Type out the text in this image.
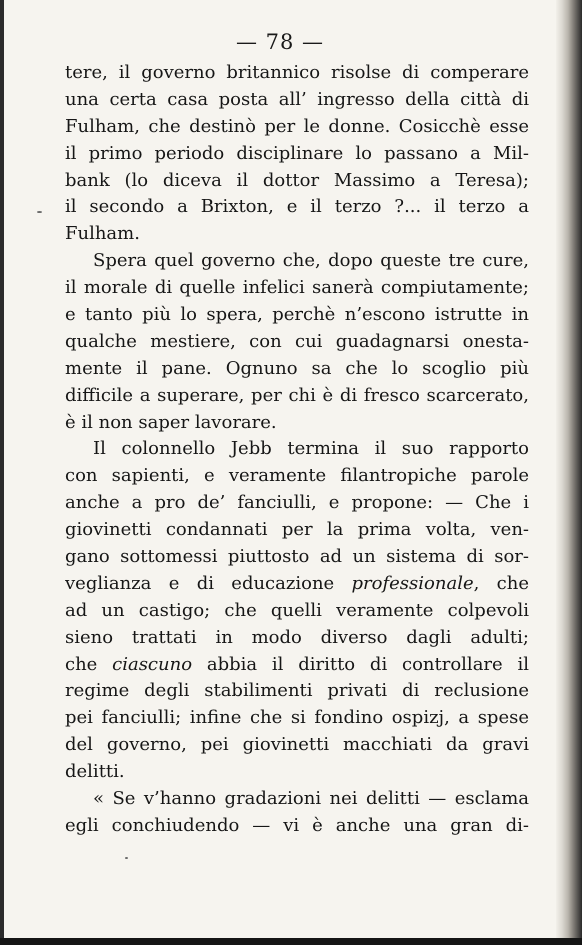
— 78 —
tere, il governo britannico risolse di comperare
una certa casa posta all’ ingresso della città di
Fulham, che destinò per le donne. Cosicchè esse
il primo periodo disciplinare lo passano a Mil-
bank (lo diceva il dottor Massimo a Teresa);
il secondo a Brixton, e il terzo ?... il terzo a
Fulham.
Spera quel governo che, dopo queste tre cure,
il morale di quelle infelici sanerà compiutamente;
e tanto più lo spera, perchè n’escono istrutte in
qualche mestiere, con cui guadagnarsi onesta-
mente il pane. Ognuno sa che lo scoglio più
difficile a superare, per chi è di fresco scarcerato,
è il non saper lavorare.
Il colonnello Jebb termina il suo rapporto
con sapienti, e veramente filantropiche parole
anche a pro de’ fanciulli, e propone: — Che i
giovinetti condannati per la prima volta, ven-
gano sottomessi piuttosto ad un sistema di sor-
veglianza e di educazione professionale, che
ad un castigo; che quelli veramente colpevoli
sieno trattati in modo diverso dagli adulti;
che ciascuno abbia il diritto di controllare il
regime degli stabilimenti privati di reclusione
pei fanciulli; infine che si fondino ospizj, a spese
del governo, pei giovinetti macchiati da gravi
delitti.
« Se v’hanno gradazioni nei delitti — esclama
egli conchiudendo — vi è anche una gran di-
